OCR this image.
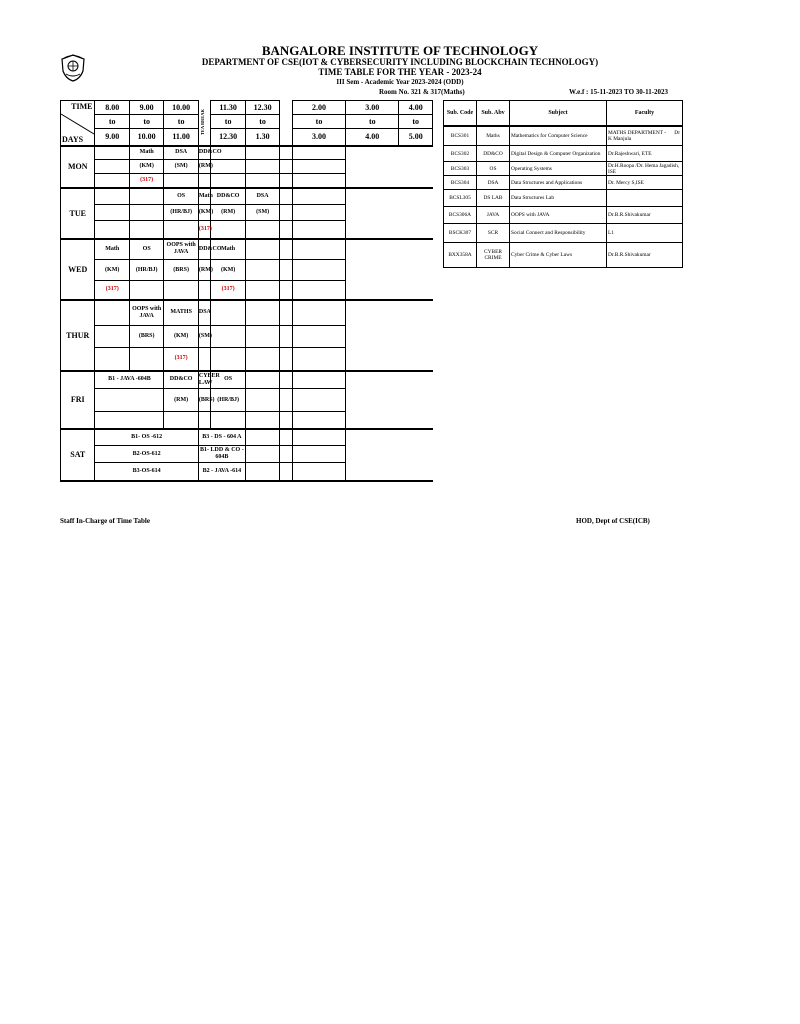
BANGALORE INSTITUTE OF TECHNOLOGY
DEPARTMENT OF CSE(IOT & CYBERSECURITY INCLUDING BLOCKCHAIN TECHNOLOGY)
TIME TABLE FOR THE YEAR - 2023-24
III Sem - Academic Year 2023-2024 (ODD)
Room No. 321 & 317(Maths)	W.e.f : 15-11-2023 TO 30-11-2023
TIME
DAYS	8.00	9.00	10.00	TEA BREAK	11.30	12.30		2.00	3.00	4.00
	to	to	to		to	to		to	to	to
	9.00	10.00	11.00		12.30	1.30		3.00	4.00	5.00
MON		Math	DSA	DD&CO						
		(KM)	(SM)	(RM)						
		(317)								
TUE			OS	Math	DD&CO	DSA				
			(HR/BJ)	(KM)	(RM)	(SM)				
				(317)						
WED	Math	OS	OOPS with JAVA	DD&CO	Math					
	(KM)	(HR/BJ)	(BRS)	(RM)	(KM)					
	(317)				(317)					
THUR		OOPS with JAVA	MATHS	DSA						
		(BRS)	(KM)	(SM)						
			(317)							
FRI	B1 - JAVA -604B		DD&CO	CYBER LAW	OS					
			(RM)	(BRS)	(HR/BJ)					

SAT	B1- OS -612			B3 - DS - 604 A						
	B2-OS-612			B1- LDD & CO - 604B						
	B3-OS-614			B2 - JAVA -614						
Sub. Code	Sub. Abv	Subject	Faculty
BCS301	Maths	Mathematics for Computer Science	MATHS DEPARTMENT - Dr
K Manjula

BCS302	DD&CO	Digital Design & Computer Organization	Dr.Rajeshwari, ETE
BCS303	OS	Operating Systems	Dr.H.Roopa /Dr. Hema Jagadish, ISE
BCS304	DSA	Data Structures and Applications	Dr. Mercy S,ISE
BCSL305	DS LAB	Data Structures Lab	
BCS306A	JAVA	OOPS with JAVA	Dr.B.R.Shivakumar
BSCK307	SCR	Social Connect and Responsibility	L1
BXX358A	CYBER CRIME	Cyber Crime & Cyber Laws	Dr.B.R.Shivakumar
Staff In-Charge of Time Table	HOD, Dept of CSE(ICB)
